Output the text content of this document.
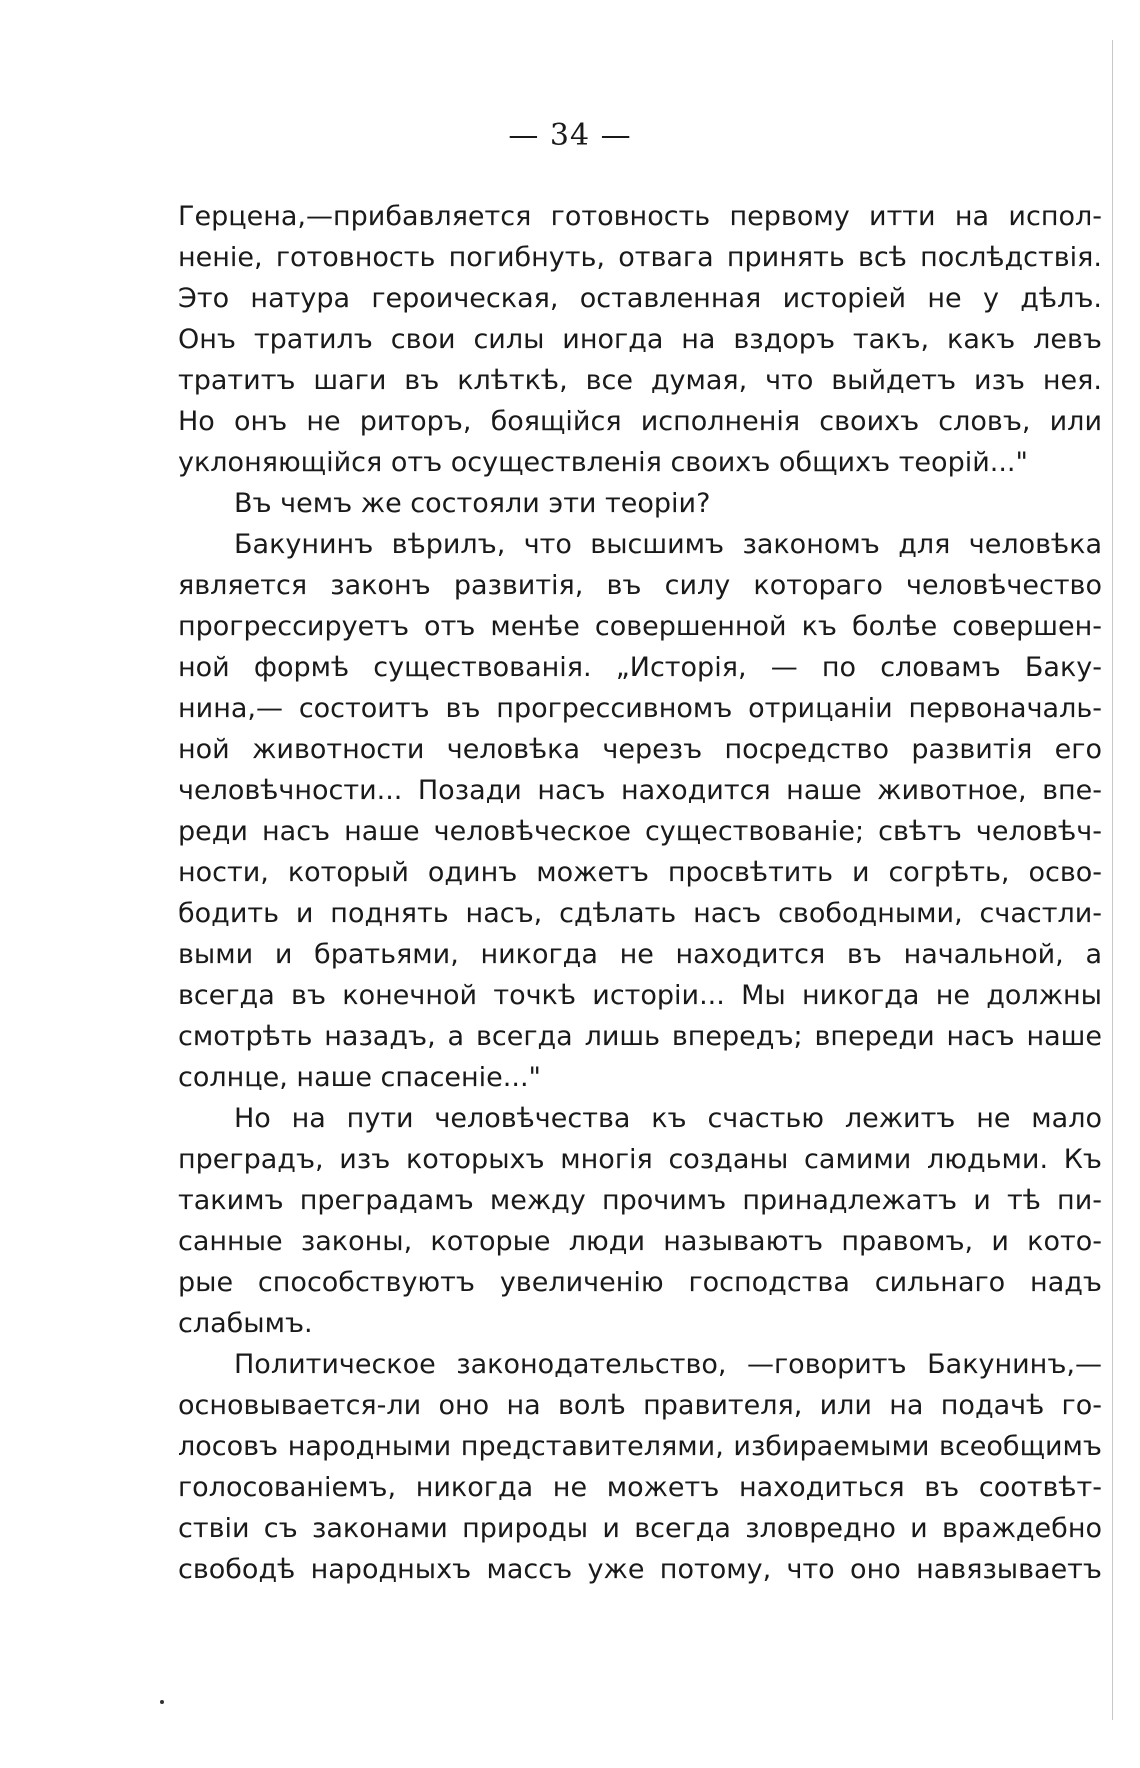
— 34 —
Герцена,—прибавляется готовность первому итти на испол-
неніе, готовность погибнуть, отвага принять всѣ послѣдствія.
Это натура героическая, оставленная исторіей не у дѣлъ.
Онъ тратилъ свои силы иногда на вздоръ такъ, какъ левъ
тратитъ шаги въ клѣткѣ, все думая, что выйдетъ изъ нея.
Но онъ не риторъ, боящійся исполненія своихъ словъ, или
уклоняющійся отъ осуществленія своихъ общихъ теорій..."
Въ чемъ же состояли эти теоріи?
Бакунинъ вѣрилъ, что высшимъ закономъ для человѣка
является законъ развитія, въ силу котораго человѣчество
прогрессируетъ отъ менѣе совершенной къ болѣе совершен-
ной формѣ существованія. „Исторія, — по словамъ Баку-
нина,— состоитъ въ прогрессивномъ отрицаніи первоначаль-
ной животности человѣка черезъ посредство развитія его
человѣчности... Позади насъ находится наше животное, впе-
реди насъ наше человѣческое существованіе; свѣтъ человѣч-
ности, который одинъ можетъ просвѣтить и согрѣть, осво-
бодить и поднять насъ, сдѣлать насъ свободными, счастли-
выми и братьями, никогда не находится въ начальной, а
всегда въ конечной точкѣ исторіи... Мы никогда не должны
смотрѣть назадъ, а всегда лишь впередъ; впереди насъ наше
солнце, наше спасеніе..."
Но на пути человѣчества къ счастью лежитъ не мало
преградъ, изъ которыхъ многія созданы самими людьми. Къ
такимъ преградамъ между прочимъ принадлежатъ и тѣ пи-
санные законы, которые люди называютъ правомъ, и кото-
рые способствуютъ увеличенію господства сильнаго надъ
слабымъ.
Политическое законодательство, —говоритъ Бакунинъ,—
основывается-ли оно на волѣ правителя, или на подачѣ го-
лосовъ народными представителями, избираемыми всеобщимъ
голосованіемъ, никогда не можетъ находиться въ соотвѣт-
ствіи съ законами природы и всегда зловредно и враждебно
свободѣ народныхъ массъ уже потому, что оно навязываетъ
